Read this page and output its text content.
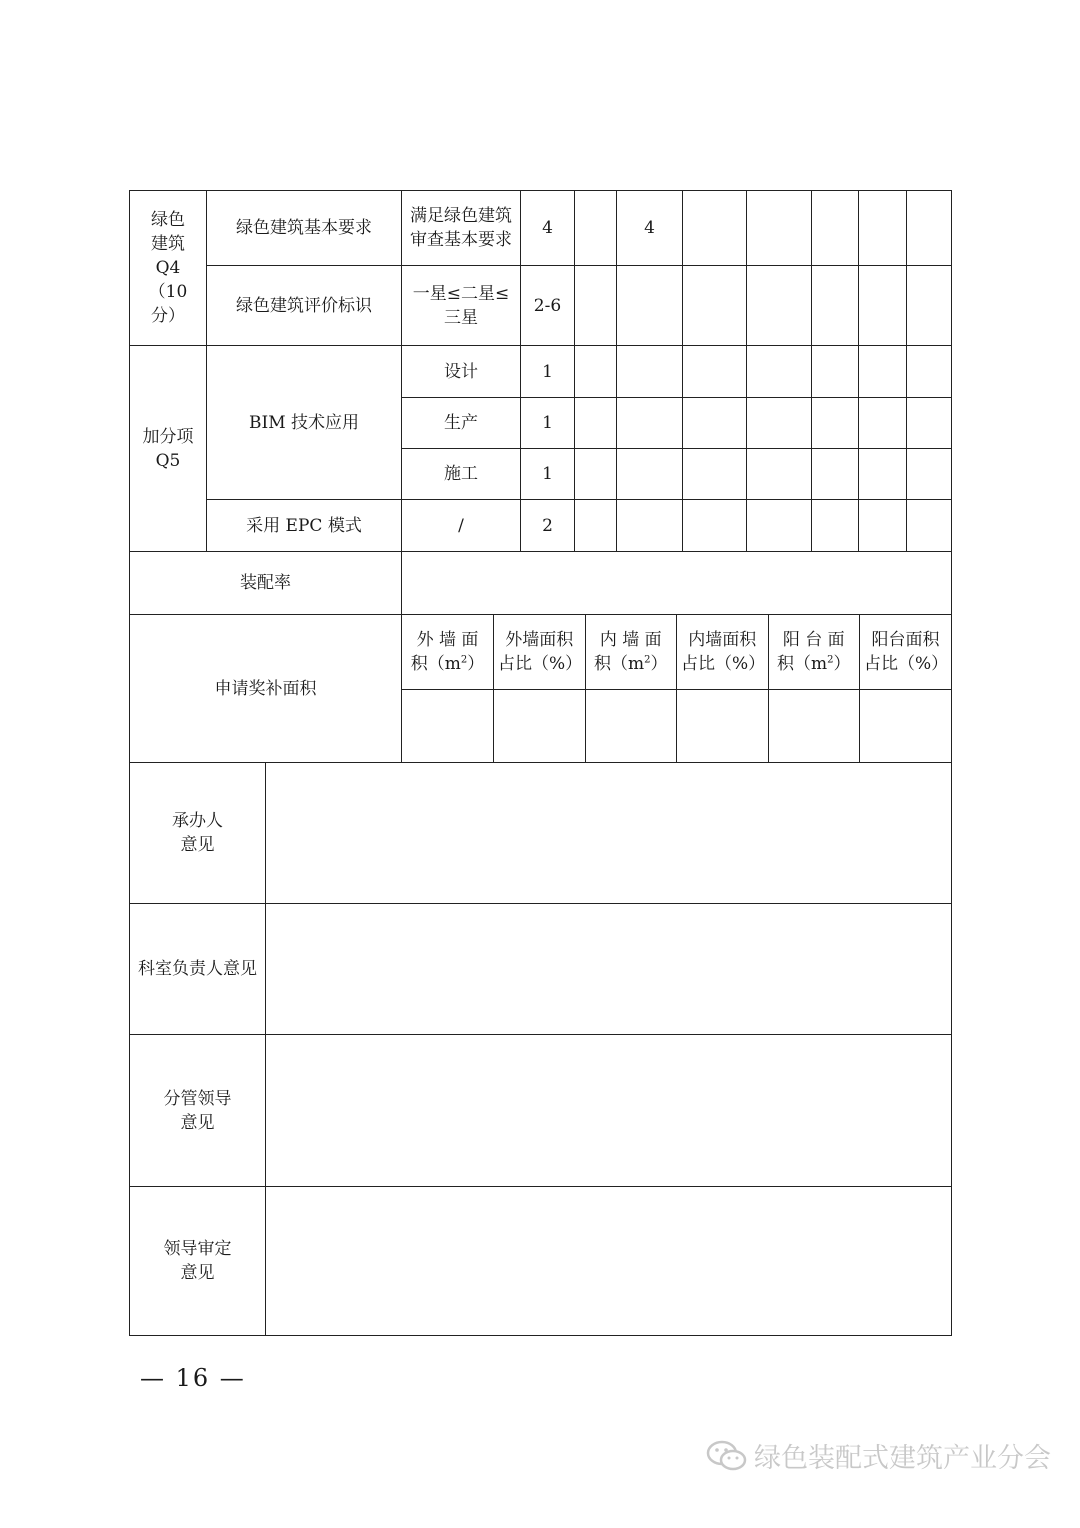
绿色
建筑
Q4
（10 分）
	绿色建筑基本要求	满足绿色建筑审查基本要求	4		4					
绿色建筑评价标识	一星≤二星≤三星	2-6							

加分项
Q5
	BIM 技术应用	设计	1							
生产	1							
施工	1							
采用 EPC 模式	/	2							
装配率	
申请奖补面积	
外 墙 面 积$(m^2)$	外墙面积占比（%）	内 墙 面 积$(m^2)$	内墙面积占比（%）	阳 台 面 积$(m^2)$	阳台面积占比（%）

承办人
意见

科室负责人意见	

分管领导
意见

领导审定
意见

— 16 —
绿色装配式建筑产业分会
